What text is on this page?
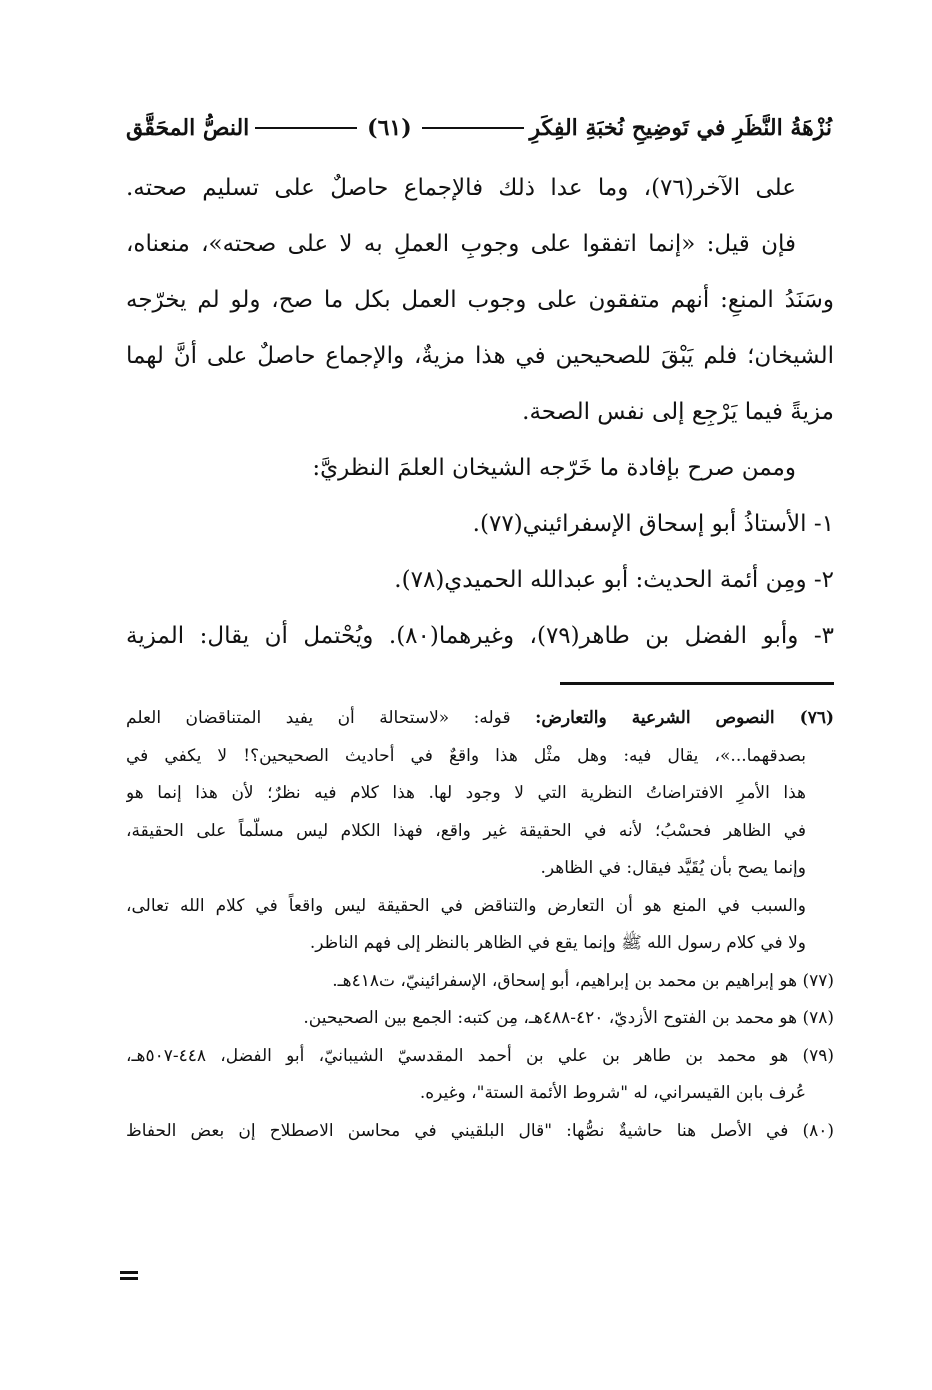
نُزْهَةُ النَّظَرِ في تَوضِيحِ نُخبَةِ الفِكَرِ
(٦١)
النصُّ المحَقَّق
على الآخر(٧٦)، وما عدا ذلك فالإجماع حاصلٌ على تسليم صحته.
فإن قيل: «إنما اتفقوا على وجوبِ العملِ به لا على صحته»، منعناه،
وسَنَدُ المنعِ: أنهم متفقون على وجوب العمل بكل ما صح، ولو لم يخرّجه
الشيخان؛ فلم يَبْقَ للصحيحين في هذا مزيةٌ، والإجماع حاصلٌ على أنَّ لهما
مزيةً فيما يَرْجِع إلى نفس الصحة.
وممن صرح بإفادة ما خَرّجه الشيخان العلمَ النظريَّ:
١- الأستاذُ أبو إسحاق الإسفرائيني(٧٧).
٢- ومِن أئمة الحديث: أبو عبدالله الحميدي(٧٨).
٣- وأبو الفضل بن طاهر(٧٩)، وغيرهما(٨٠). ويُحْتمل أن يقال: المزية
(٧٦) النصوص الشرعية والتعارض: قوله: «لاستحالة أن يفيد المتناقضان العلم
بصدقهما...»، يقال فيه: وهل مثْل هذا واقعٌ في أحاديث الصحيحين؟! لا يكفي في
هذا الأمرِ الافتراضاتُ النظرية التي لا وجود لها. هذا كلام فيه نظرٌ؛ لأن هذا إنما هو
في الظاهر فحسْبُ؛ لأنه في الحقيقة غير واقع، فهذا الكلام ليس مسلّماً على الحقيقة،
وإنما يصح بأن يُقَيَّد فيقال: في الظاهر.
والسبب في المنع هو أن التعارض والتناقض في الحقيقة ليس واقعاً في كلام الله تعالى،
ولا في كلام رسول الله ﷺ وإنما يقع في الظاهر بالنظر إلى فهم الناظر.
(٧٧) هو إبراهيم بن محمد بن إبراهيم، أبو إسحاق، الإسفرائينيّ، ت٤١٨هـ.
(٧٨) هو محمد بن الفتوح الأزديّ، ٤٢٠-٤٨٨هـ، مِن كتبه: الجمع بين الصحيحين.
(٧٩) هو محمد بن طاهر بن علي بن أحمد المقدسيّ الشيبانيّ، أبو الفضل، ٤٤٨-٥٠٧هـ،
عُرف بابن القيسراني، له "شروط الأئمة الستة"، وغيره.
(٨٠) في الأصل هنا حاشيةٌ نصُّها: "قال البلقيني في محاسن الاصطلاح إن بعض الحفاظ
